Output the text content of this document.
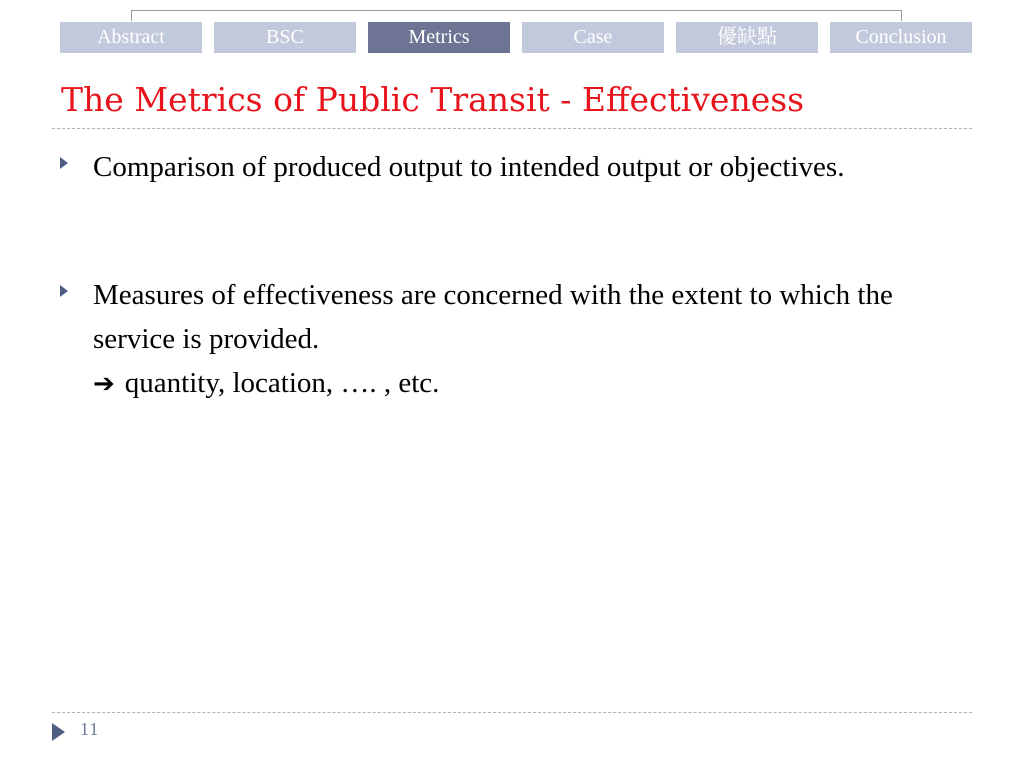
Abstract	BSC	Metrics	Case	優缺點	Conclusion
The Metrics of Public Transit - Effectiveness
Comparison of produced output to intended output or objectives.
Measures of effectiveness are concerned with the extent to which the service is provided.
➔ quantity, location, …. , etc.
11
